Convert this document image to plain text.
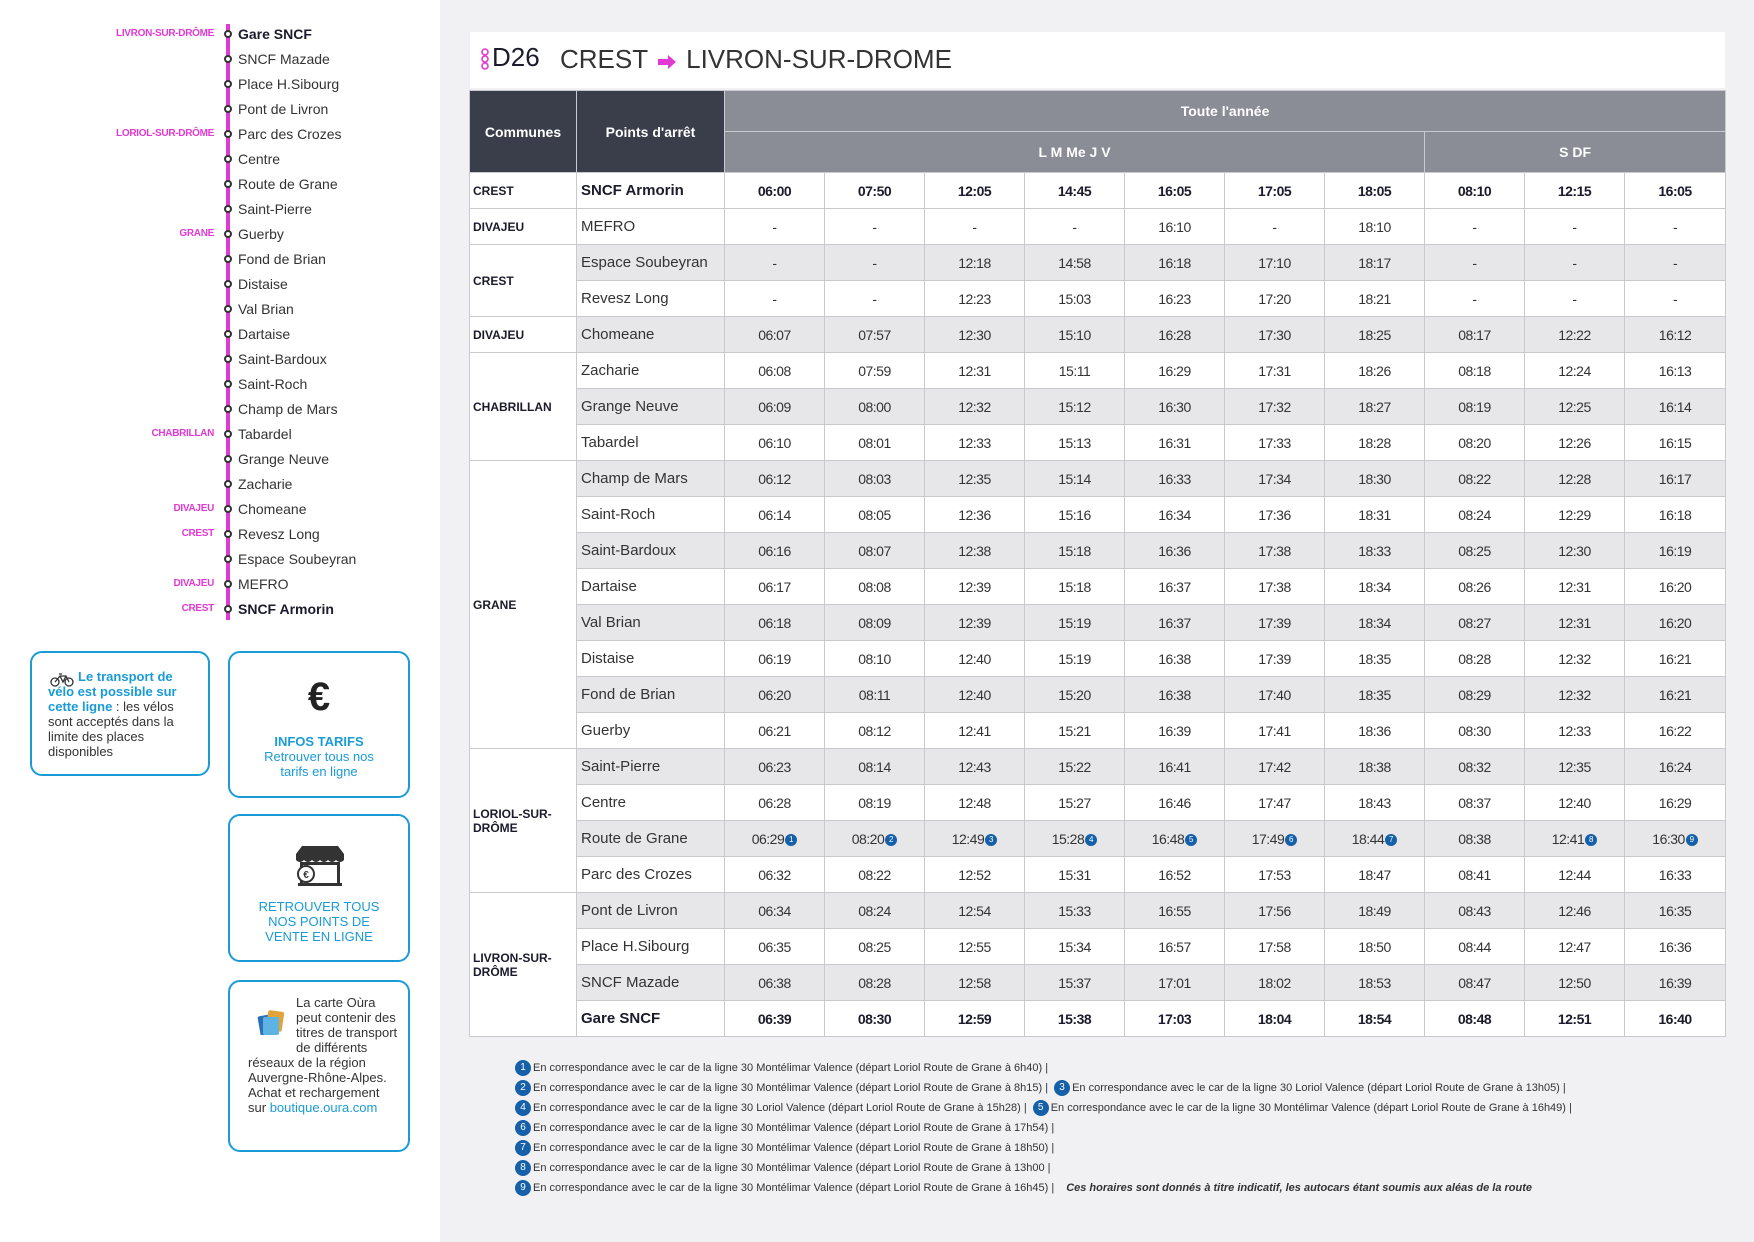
LIVRON-SUR-DRÔME Gare SNCF
SNCF Mazade
Place H.Sibourg
Pont de Livron
LORIOL-SUR-DRÔME Parc des Crozes
Centre
Route de Grane
Saint-Pierre
GRANE Guerby
Fond de Brian
Distaise
Val Brian
Dartaise
Saint-Bardoux
Saint-Roch
Champ de Mars
CHABRILLAN Tabardel
Grange Neuve
Zacharie
DIVAJEU Chomeane
CREST Revesz Long
Espace Soubeyran
DIVAJEU MEFRO
CREST SNCF Armorin
Le transport de vélo est possible sur cette ligne : les vélos sont acceptés dans la limite des places disponibles
€
INFOS TARIFS
Retrouver tous nos tarifs en ligne
€
RETROUVER TOUS NOS POINTS DE VENTE EN LIGNE
La carte Oùra peut contenir des titres de transport de différents réseaux de la région Auvergne-Rhône-Alpes. Achat et rechargement sur boutique.oura.com
D26 CREST LIVRON-SUR-DROME
Communes	Points d'arrêt	Toute l'année									
		L M Me J V							S DF		
CREST	SNCF Armorin	06:00	07:50	12:05	14:45	16:05	17:05	18:05	08:10	12:15	16:05
DIVAJEU	MEFRO	-	-	-	-	16:10	-	18:10	-	-	-
CREST	Espace Soubeyran	-	-	12:18	14:58	16:18	17:10	18:17	-	-	-
	Revesz Long	-	-	12:23	15:03	16:23	17:20	18:21	-	-	-
DIVAJEU	Chomeane	06:07	07:57	12:30	15:10	16:28	17:30	18:25	08:17	12:22	16:12
CHABRILLAN	Zacharie	06:08	07:59	12:31	15:11	16:29	17:31	18:26	08:18	12:24	16:13
	Grange Neuve	06:09	08:00	12:32	15:12	16:30	17:32	18:27	08:19	12:25	16:14
	Tabardel	06:10	08:01	12:33	15:13	16:31	17:33	18:28	08:20	12:26	16:15
GRANE	Champ de Mars	06:12	08:03	12:35	15:14	16:33	17:34	18:30	08:22	12:28	16:17
	Saint-Roch	06:14	08:05	12:36	15:16	16:34	17:36	18:31	08:24	12:29	16:18
	Saint-Bardoux	06:16	08:07	12:38	15:18	16:36	17:38	18:33	08:25	12:30	16:19
	Dartaise	06:17	08:08	12:39	15:18	16:37	17:38	18:34	08:26	12:31	16:20
	Val Brian	06:18	08:09	12:39	15:19	16:37	17:39	18:34	08:27	12:31	16:20
	Distaise	06:19	08:10	12:40	15:19	16:38	17:39	18:35	08:28	12:32	16:21
	Fond de Brian	06:20	08:11	12:40	15:20	16:38	17:40	18:35	08:29	12:32	16:21
	Guerby	06:21	08:12	12:41	15:21	16:39	17:41	18:36	08:30	12:33	16:22
LORIOL-SUR-DRÔME	Saint-Pierre	06:23	08:14	12:43	15:22	16:41	17:42	18:38	08:32	12:35	16:24
	Centre	06:28	08:19	12:48	15:27	16:46	17:47	18:43	08:37	12:40	16:29
	Route de Grane	06:29 1	08:20 2	12:49 3	15:28 4	16:48 5	17:49 6	18:44 7	08:38	12:41 8	16:30 9
	Parc des Crozes	06:32	08:22	12:52	15:31	16:52	17:53	18:47	08:41	12:44	16:33
LIVRON-SUR-DRÔME	Pont de Livron	06:34	08:24	12:54	15:33	16:55	17:56	18:49	08:43	12:46	16:35
	Place H.Sibourg	06:35	08:25	12:55	15:34	16:57	17:58	18:50	08:44	12:47	16:36
	SNCF Mazade	06:38	08:28	12:58	15:37	17:01	18:02	18:53	08:47	12:50	16:39
	Gare SNCF	06:39	08:30	12:59	15:38	17:03	18:04	18:54	08:48	12:51	16:40
1 En correspondance avec le car de la ligne 30 Montélimar Valence (départ Loriol Route de Grane à 6h40) |
2 En correspondance avec le car de la ligne 30 Montélimar Valence (départ Loriol Route de Grane à 8h15) | 3 En correspondance avec le car de la ligne 30 Loriol Valence (départ Loriol Route de Grane à 13h05) |
4 En correspondance avec le car de la ligne 30 Loriol Valence (départ Loriol Route de Grane à 15h28) | 5 En correspondance avec le car de la ligne 30 Montélimar Valence (départ Loriol Route de Grane à 16h49) |
6 En correspondance avec le car de la ligne 30 Montélimar Valence (départ Loriol Route de Grane à 17h54) |
7 En correspondance avec le car de la ligne 30 Montélimar Valence (départ Loriol Route de Grane à 18h50) |
8 En correspondance avec le car de la ligne 30 Montélimar Valence (départ Loriol Route de Grane à 13h00 |
9 En correspondance avec le car de la ligne 30 Montélimar Valence (départ Loriol Route de Grane à 16h45) | Ces horaires sont donnés à titre indicatif, les autocars étant soumis aux aléas de la route
